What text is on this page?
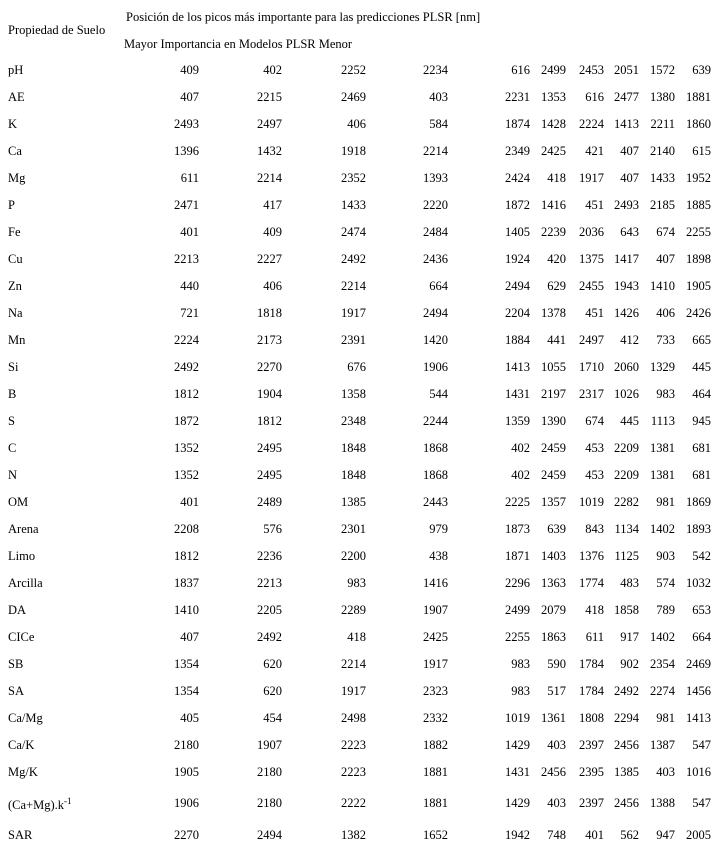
Propiedad de Suelo
Posición de los picos más importante para las predicciones PLSR [nm]
Mayor Importancia en Modelos PLSR Menor
pH	409	402	2252	2234	616 2499 2453 2051 1572 639
AE	407	2215	2469	403	2231 1353 616 2477 1380 1881
K	2493	2497	406	584	1874 1428 2224 1413 2211 1860
Ca	1396	1432	1918	2214	2349 2425 421 407 2140 615
Mg	611	2214	2352	1393	2424 418 1917 407 1433 1952
P	2471	417	1433	2220	1872 1416 451 2493 2185 1885
Fe	401	409	2474	2484	1405 2239 2036 643 674 2255
Cu	2213	2227	2492	2436	1924 420 1375 1417 407 1898
Zn	440	406	2214	664	2494 629 2455 1943 1410 1905
Na	721	1818	1917	2494	2204 1378 451 1426 406 2426
Mn	2224	2173	2391	1420	1884 441 2497 412 733 665
Si	2492	2270	676	1906	1413 1055 1710 2060 1329 445
B	1812	1904	1358	544	1431 2197 2317 1026 983 464
S	1872	1812	2348	2244	1359 1390 674 445 1113 945
C	1352	2495	1848	1868	402 2459 453 2209 1381 681
N	1352	2495	1848	1868	402 2459 453 2209 1381 681
OM	401	2489	1385	2443	2225 1357 1019 2282 981 1869
Arena	2208	576	2301	979	1873 639 843 1134 1402 1893
Limo	1812	2236	2200	438	1871 1403 1376 1125 903 542
Arcilla	1837	2213	983	1416	2296 1363 1774 483 574 1032
DA	1410	2205	2289	1907	2499 2079 418 1858 789 653
CICe	407	2492	418	2425	2255 1863 611 917 1402 664
SB	1354	620	2214	1917	983 590 1784 902 2354 2469
SA	1354	620	1917	2323	983 517 1784 2492 2274 1456
Ca/Mg	405	454	2498	2332	1019 1361 1808 2294 981 1413
Ca/K	2180	1907	2223	1882	1429 403 2397 2456 1387 547
Mg/K	1905	2180	2223	1881	1431 2456 2395 1385 403 1016
$(Ca+Mg).k^{-1}$	1906	2180	2222	1881	1429 403 2397 2456 1388 547
SAR	2270	2494	1382	1652	1942 748 401 562 947 2005
